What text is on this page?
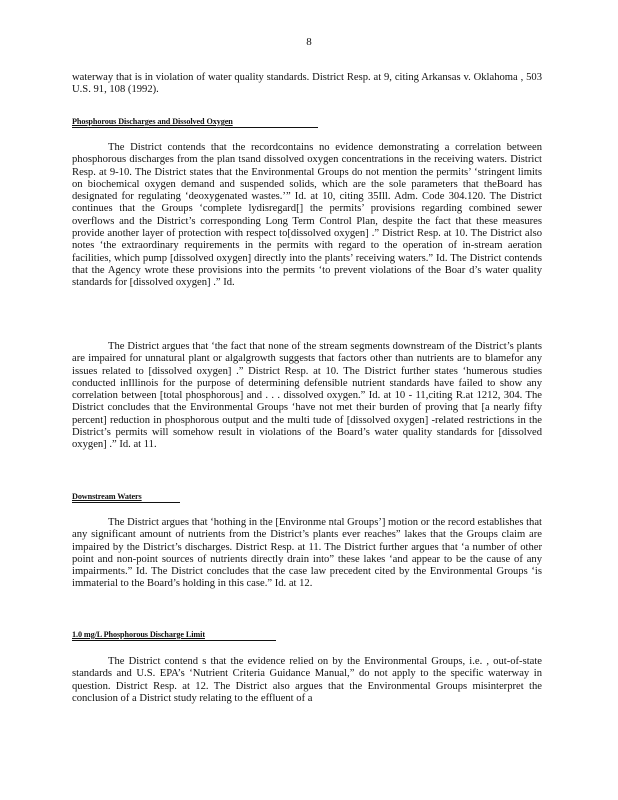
8

waterway that is in violation of water quality standards. District Resp. at 9, citing Arkansas v. Oklahoma , 503 U.S. 91, 108 (1992).

Phosphorous Discharges and Dissolved Oxygen

The District contends that the recordcontains no evidence demonstrating a correlation between phosphorous discharges from the plan tsand dissolved oxygen concentrations in the receiving waters. District Resp. at 9-10. The District states that the Environmental Groups do not mention the permits’ ‘stringent limits on biochemical oxygen demand and suspended solids, which are the sole parameters that theBoard has designated for regulating ‘deoxygenated wastes.’” Id. at 10, citing 35Ill. Adm. Code 304.120. The District continues that the Groups ‘complete lydisregard[] the permits’ provisions regarding combined sewer overflows and the District’s corresponding Long Term Control Plan, despite the fact that these measures provide another layer of protection with respect to[dissolved oxygen] .” District Resp. at 10. The District also notes ‘the extraordinary requirements in the permits with regard to the operation of in-stream aeration facilities, which pump [dissolved oxygen] directly into the plants’ receiving waters.” Id. The District contends that the Agency wrote these provisions into the permits ‘to prevent violations of the Boar d’s water quality standards for [dissolved oxygen] .” Id.

The District argues that ‘the fact that none of the stream segments downstream of the District’s plants are impaired for unnatural plant or algalgrowth suggests that factors other than nutrients are to blamefor any issues related to [dissolved oxygen] .” District Resp. at 10. The District further states ‘humerous studies conducted inIllinois for the purpose of determining defensible nutrient standards have failed to show any correlation between [total phosphorous] and . . . dissolved oxygen.” Id. at 10 - 11,citing R.at 1212, 304. The District concludes that the Environmental Groups ‘have not met their burden of proving that [a nearly fifty percent] reduction in phosphorous output and the multi tude of [dissolved oxygen] -related restrictions in the District’s permits will somehow result in violations of the Board’s water quality standards for [dissolved oxygen] .” Id. at 11.

Downstream Waters

The District argues that ‘hothing in the [Environme ntal Groups’] motion or the record establishes that any significant amount of nutrients from the District’s plants ever reaches” lakes that the Groups claim are impaired by the District’s discharges. District Resp. at 11. The District further argues that ‘a number of other point and non-point sources of nutrients directly drain into” these lakes ‘and appear to be the cause of any impairments.” Id. The District concludes that the case law precedent cited by the Environmental Groups ‘is immaterial to the Board’s holding in this case.” Id. at 12.

1.0 mg/L Phosphorous Discharge Limit

The District contend s that the evidence relied on by the Environmental Groups, i.e. , out-of-state standards and U.S. EPA’s ‘Nutrient Criteria Guidance Manual,” do not apply to the specific waterway in question. District Resp. at 12. The District also argues that the Environmental Groups misinterpret the conclusion of a District study relating to the effluent of a
